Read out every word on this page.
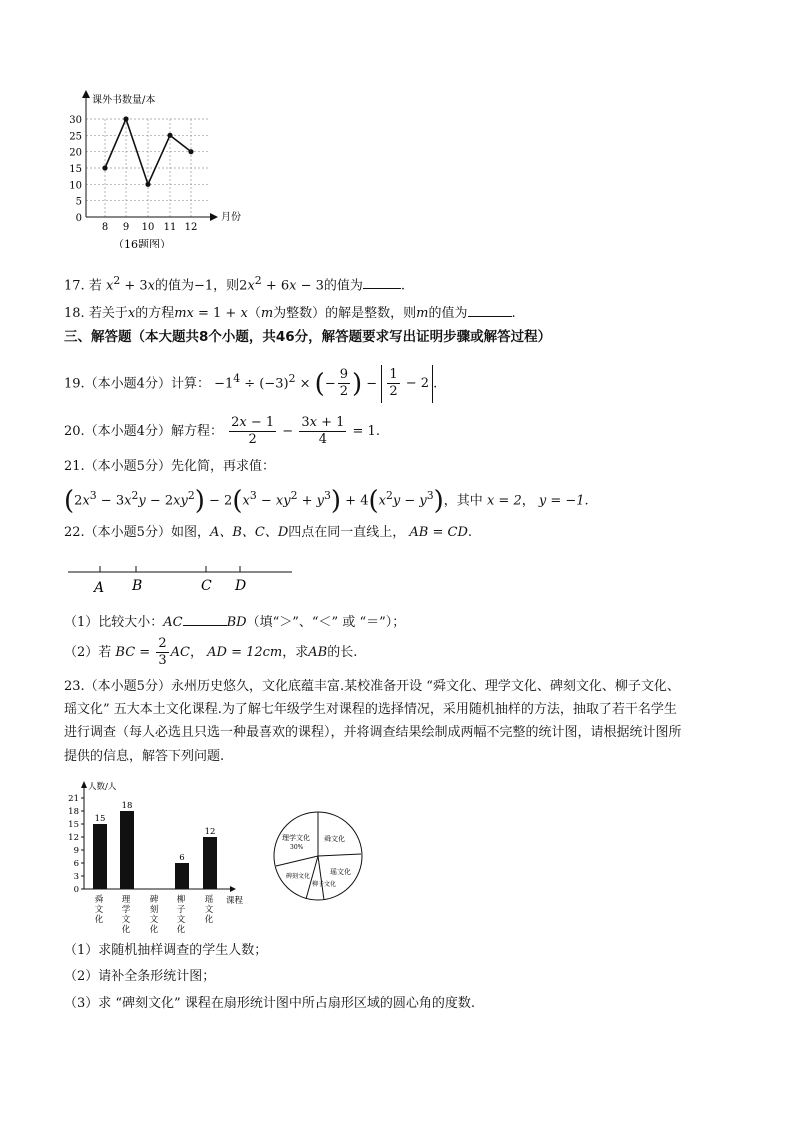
0
5
10
15
20
25
30
课外书数量/本
月份
8 9 10 11 12
（16题图）
17. 若 $x^2 + 3x$的值为−1，则$2x^2 + 6x - 3$的值为	.
18. 若关于x的方程mx = 1 + x（m为整数）的解是整数，则m的值为	.
三、解答题（本大题共8个小题，共46分，解答题要求写出证明步骤或解答过程）
19.（本小题4分）计算： $-1^4 \div (-3)^2$ × (− $\frac{9}{2}$ ) − $\frac{1}{2} - 2$ .
20.（本小题4分）解方程： $\frac{2x - 1}{2} - \frac{3x + 1}{4} = 1$.
21.（本小题5分）先化简，再求值：
$(2x^3 - 3x^2y - 2xy^2) - 2(x^3 - xy^2 + y^3) + 4(x^2y - y^3)$，其中 x = 2， y = −1.
22.（本小题5分）如图，A、B、C、D四点在同一直线上， AB = CD.
A B	C D
（1）比较大小：AC	BD（填“＞”、“＜” 或 “＝”）；
（2）若 BC = $\frac{2}{3}$ AC， AD = 12cm，求AB的长.
23.（本小题5分）永州历史悠久，文化底蕴丰富.某校准备开设 “舜文化、理学文化、碑刻文化、柳子文化、
瑶文化” 五大本土文化课程.为了解七年级学生对课程的选择情况，采用随机抽样的方法，抽取了若干名学生
进行调查（每人必选且只选一种最喜欢的课程），并将调查结果绘制成两幅不完整的统计图，请根据统计图所
提供的信息，解答下列问题.
0
3
6
9
12
15
18
21
人数/人
课程
15
舜
文
化
18
理
学
文
化
碑
刻
文
化
6
柳
子
文
化
12
瑶
文
化
理学文化
30%
舜文化
瑶文化
柳子文化
碑刻文化
（1）求随机抽样调查的学生人数；
（2）请补全条形统计图；
（3）求 “碑刻文化” 课程在扇形统计图中所占扇形区域的圆心角的度数.
